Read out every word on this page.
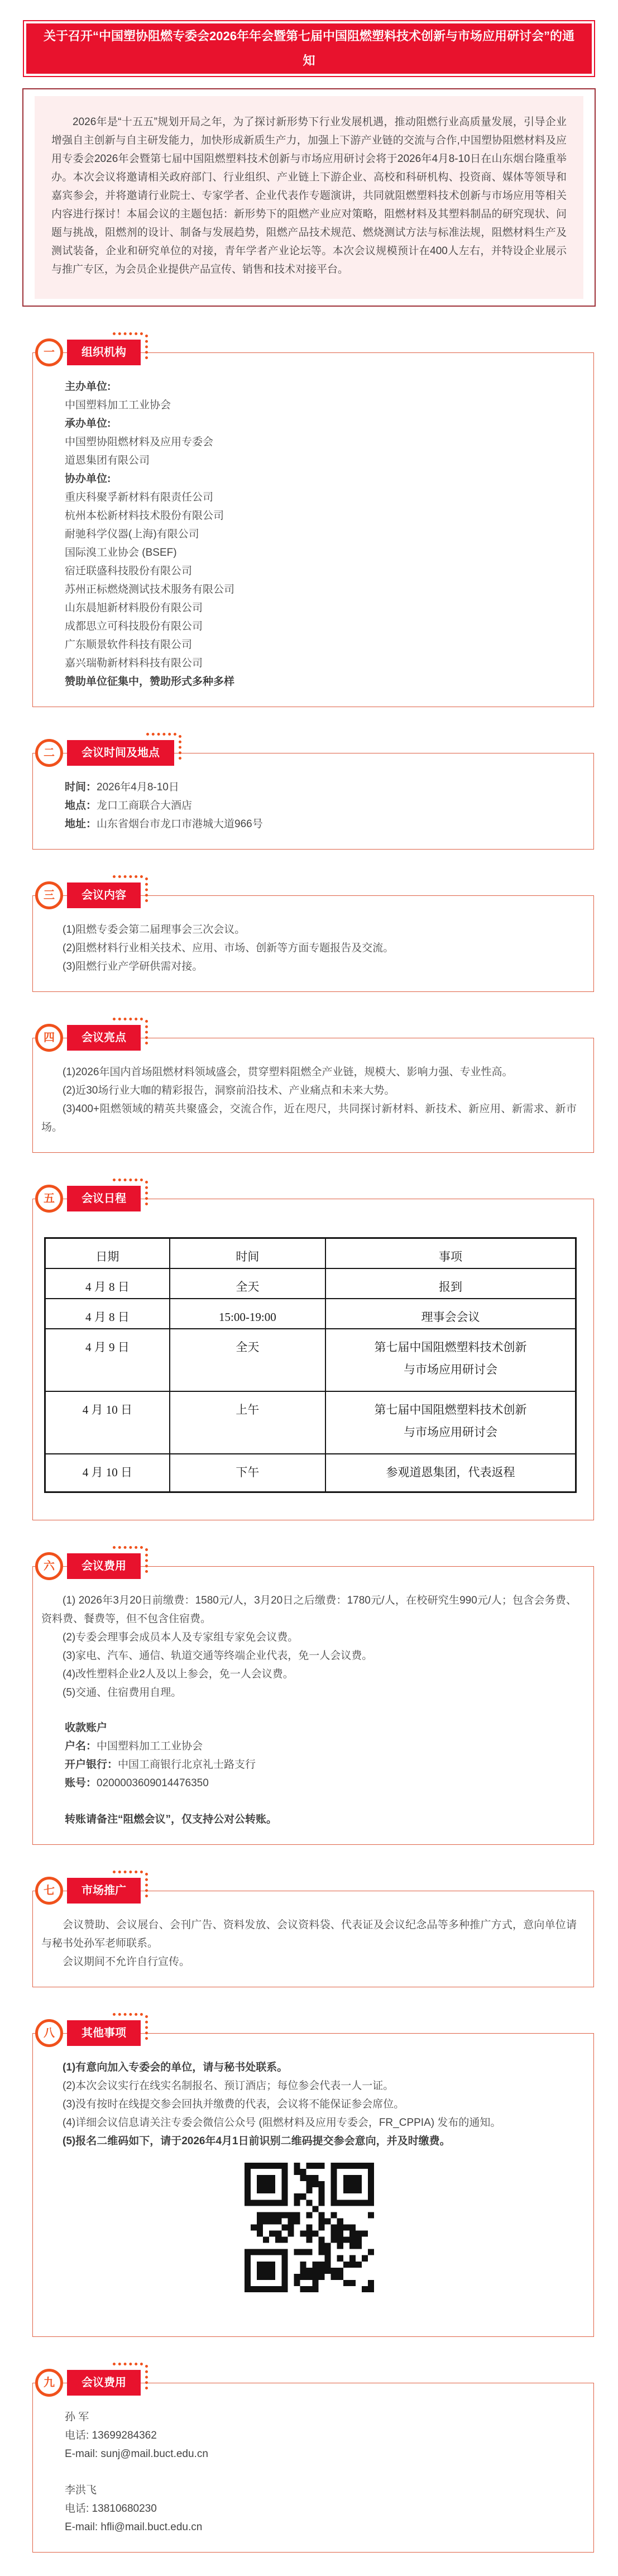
关于召开“中国塑协阻燃专委会2026年年会暨第七届中国阻燃塑料技术创新与市场应用研讨会”的通知

2026年是“十五五”规划开局之年，为了探讨新形势下行业发展机遇，推动阻燃行业高质量发展，引导企业增强自主创新与自主研发能力，加快形成新质生产力，加强上下游产业链的交流与合作,中国塑协阻燃材料及应用专委会2026年会暨第七届中国阻燃塑料技术创新与市场应用研讨会将于2026年4月8-10日在山东烟台隆重举办。本次会议将邀请相关政府部门、行业组织、产业链上下游企业、高校和科研机构、投资商、媒体等领导和嘉宾参会，并将邀请行业院士、专家学者、企业代表作专题演讲，共同就阻燃塑料技术创新与市场应用等相关内容进行探讨！本届会议的主题包括：新形势下的阻燃产业应对策略，阻燃材料及其塑料制品的研究现状、问题与挑战，阻燃剂的设计、制备与发展趋势，阻燃产品技术规范、燃烧测试方法与标准法规，阻燃材料生产及测试装备，企业和研究单位的对接，青年学者产业论坛等。本次会议规模预计在400人左右，并特设企业展示与推广专区，为会员企业提供产品宣传、销售和技术对接平台。

一	组织机构
主办单位:
中国塑料加工工业协会
承办单位:
中国塑协阻燃材料及应用专委会
道恩集团有限公司
协办单位:
重庆科聚孚新材料有限责任公司
杭州本松新材料技术股份有限公司
耐驰科学仪器(上海)有限公司
国际溴工业协会 (BSEF)
宿迁联盛科技股份有限公司
苏州正标燃烧测试技术服务有限公司
山东晨旭新材料股份有限公司
成都思立可科技股份有限公司
广东顺景软件科技有限公司
嘉兴瑞勒新材料科技有限公司
赞助单位征集中，赞助形式多种多样
二	会议时间及地点
时间：2026年4月8-10日
地点：龙口工商联合大酒店
地址：山东省烟台市龙口市港城大道966号
三	会议内容

(1)阻燃专委会第二届理事会三次会议。

(2)阻燃材料行业相关技术、应用、市场、创新等方面专题报告及交流。

(3)阻燃行业产学研供需对接。

四	会议亮点

(1)2026年国内首场阻燃材料领域盛会，贯穿塑料阻燃全产业链，规模大、影响力强、专业性高。

(2)近30场行业大咖的精彩报告，洞察前沿技术、产业痛点和未来大势。

(3)400+阻燃领域的精英共聚盛会，交流合作，近在咫尺，共同探讨新材料、新技术、新应用、新需求、新市场。

五	会议日程
日期	时间	事项
4 月 8 日	全天	报到
4 月 8 日	15:00-19:00	理事会会议
4 月 9 日	全天	第七届中国阻燃塑料技术创新与市场应用研讨会

4 月 10 日	上午	第七届中国阻燃塑料技术创新与市场应用研讨会

4 月 10 日	下午	参观道恩集团，代表返程
六	会议费用

(1) 2026年3月20日前缴费：1580元/人，3月20日之后缴费：1780元/人，在校研究生990元/人；包含会务费、资料费、餐费等，但不包含住宿费。

(2)专委会理事会成员本人及专家组专家免会议费。

(3)家电、汽车、通信、轨道交通等终端企业代表，免一人会议费。

(4)改性塑料企业2人及以上参会，免一人会议费。

(5)交通、住宿费用自理。

收款账户
户名：中国塑料加工工业协会
开户银行：中国工商银行北京礼士路支行
账号：0200003609014476350
转账请备注“阻燃会议”，仅支持公对公转账。
七	市场推广

会议赞助、会议展台、会刊广告、资料发放、会议资料袋、代表证及会议纪念品等多种推广方式，意向单位请与秘书处孙军老师联系。

会议期间不允许自行宣传。

八	其他事项

(1)有意向加入专委会的单位，请与秘书处联系。

(2)本次会议实行在线实名制报名、预订酒店；每位参会代表一人一证。

(3)没有按时在线提交参会回执并缴费的代表，会议将不能保证参会席位。

(4)详细会议信息请关注专委会微信公众号 (阻燃材料及应用专委会，FR_CPPIA) 发布的通知。

(5)报名二维码如下，请于2026年4月1日前识别二维码提交参会意向，并及时缴费。

九	会议费用
孙 军
电话: 13699284362
E-mail: sunj@mail.buct.edu.cn
李洪飞
电话: 13810680230
E-mail: hfli@mail.buct.edu.cn
